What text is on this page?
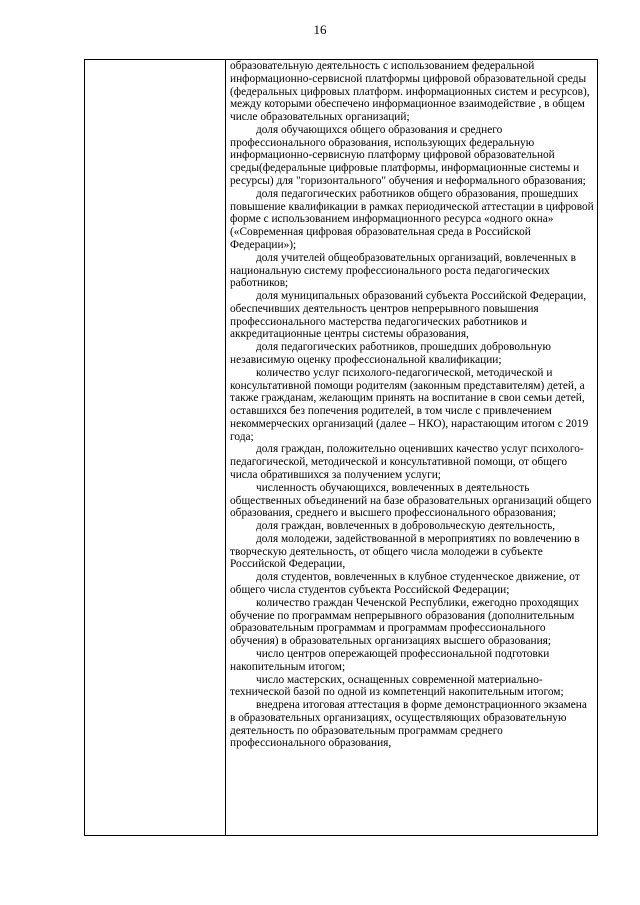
16

образовательную деятельность с использованием федеральной информационно-сервисной платформы цифровой образовательной среды (федеральных цифровых платформ. информационных систем и ресурсов), между которыми обеспечено информационное взаимодействие , в общем числе образовательных организаций;

доля обучающихся общего образования и среднего профессионального образования, использующих федеральную информационно-сервисную платформу цифровой образовательной среды(федеральные цифровые платформы, информационные системы и ресурсы) для "горизонтального" обучения и неформального образования;

доля педагогических работников общего образования, прошедших повышение квалификации в рамках периодической аттестации в цифровой форме с использованием информационного ресурса «одного окна» («Современная цифровая образовательная среда в Российской Федерации»);

доля учителей общеобразовательных организаций, вовлеченных в национальную систему профессионального роста педагогических работников;

доля муниципальных образований субъекта Российской Федерации, обеспечивших деятельность центров непрерывного повышения профессионального мастерства педагогических работников и аккредитационные центры системы образования,

доля педагогических работников, прошедших добровольную независимую оценку профессиональной квалификации;

количество услуг психолого-педагогической, методической и консультативной помощи родителям (законным представителям) детей, а также гражданам, желающим принять на воспитание в свои семьи детей, оставшихся без попечения родителей, в том числе с привлечением некоммерческих организаций (далее – НКО), нарастающим итогом с 2019 года;

доля граждан, положительно оценивших качество услуг психолого-педагогической, методической и консультативной помощи, от общего числа обратившихся за получением услуги;

численность обучающихся, вовлеченных в деятельность общественных объединений на базе образовательных организаций общего образования, среднего и высшего профессионального образования;

доля граждан, вовлеченных в добровольческую деятельность,

доля молодежи, задействованной в мероприятиях по вовлечению в творческую деятельность, от общего числа молодежи в субъекте Российской Федерации,

доля студентов, вовлеченных в клубное студенческое движение, от общего числа студентов субъекта Российской Федерации;

количество граждан Чеченской Республики, ежегодно проходящих обучение по программам непрерывного образования (дополнительным образовательным программам и программам профессионального обучения) в образовательных организациях высшего образования;

число центров опережающей профессиональной подготовки накопительным итогом;

число мастерских, оснащенных современной материально-технической базой по одной из компетенций накопительным итогом;

внедрена итоговая аттестация в форме демонстрационного экзамена в образовательных организациях, осуществляющих образовательную деятельность по образовательным программам среднего профессионального образования,
